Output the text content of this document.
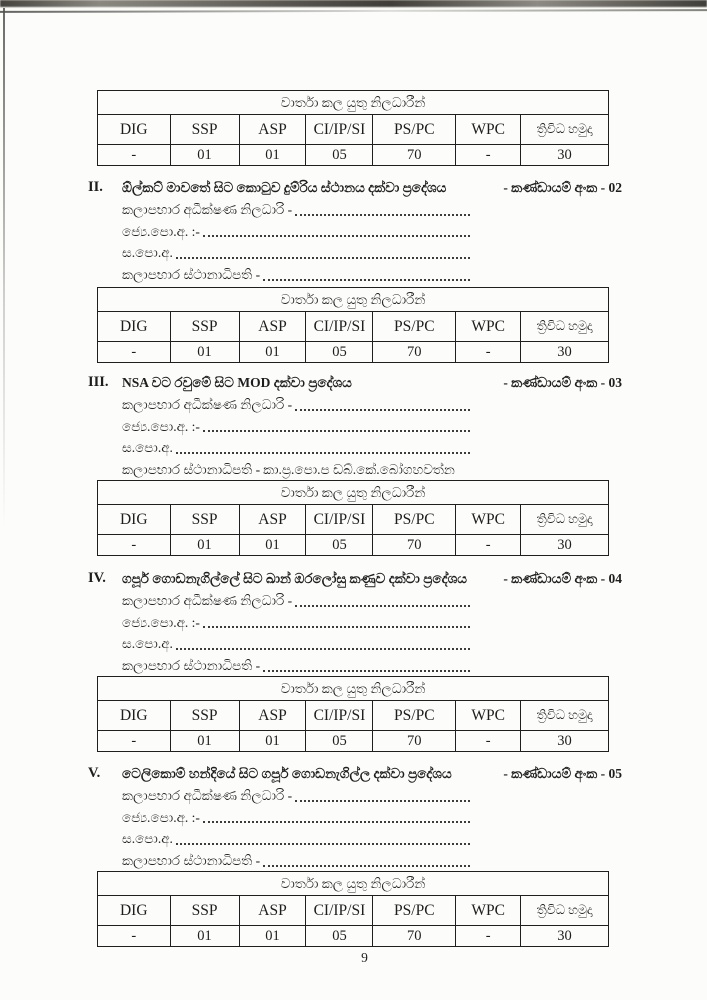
වාර්තා කල යුතු නිලධාරීන්						
DIG	SSP	ASP	CI/IP/SI	PS/PC	WPC	ත්‍රිවිධ හමුදා
-	01	01	05	70	-	30
II.	ඕල්කට් මාවතේ සිට කොටුව දුම්රිය ස්ථානය දක්වා ප්‍රදේශය	- කණ්ඩායම් අංක - 02
කලාපභාර අධීක්ෂණ නිලධාරි -
ජ්‍යෙ.පො.අ. :-
ස.පො.අ.
කලාපභාර ස්ථානාධිපති -
වාර්තා කල යුතු නිලධාරීන්						
DIG	SSP	ASP	CI/IP/SI	PS/PC	WPC	ත්‍රිවිධ හමුදා
-	01	01	05	70	-	30
III. NSA වට රවුමේ සිට MOD දක්වා ප්‍රදේශය	- කණ්ඩායම් අංක - 03
කලාපභාර අධීක්ෂණ නිලධාරි -
ජ්‍යෙ.පො.අ. :-
ස.පො.අ.
කලාපභාර ස්ථානාධිපති - කා.ප්‍ර.පො.ප ඩබ්.කේ.බෝගහවත්න
වාර්තා කල යුතු නිලධාරීන්						
DIG	SSP	ASP	CI/IP/SI	PS/PC	WPC	ත්‍රිවිධ හමුදා
-	01	01	05	70	-	30
IV.	ගපූර් ගොඩනැගිල්ලේ සිට ඛාන් ඔරලෝසු කණුව දක්වා ප්‍රදේශය	- කණ්ඩායම් අංක - 04
කලාපභාර අධීක්ෂණ නිලධාරි -
ජ්‍යෙ.පො.අ. :-
ස.පො.අ.
කලාපභාර ස්ථානාධිපති -
වාර්තා කල යුතු නිලධාරීන්						
DIG	SSP	ASP	CI/IP/SI	PS/PC	WPC	ත්‍රිවිධ හමුදා
-	01	01	05	70	-	30
V.	ටෙලිකොම් හන්දියේ සිට ගපූර් ගොඩනැගිල්ල දක්වා ප්‍රදේශය	- කණ්ඩායම් අංක - 05
කලාපභාර අධීක්ෂණ නිලධාරි -
ජ්‍යෙ.පො.අ. :-
ස.පො.අ.
කලාපභාර ස්ථානාධිපති -
වාර්තා කල යුතු නිලධාරීන්						
DIG	SSP	ASP	CI/IP/SI	PS/PC	WPC	ත්‍රිවිධ හමුදා
-	01	01	05	70	-	30
9
